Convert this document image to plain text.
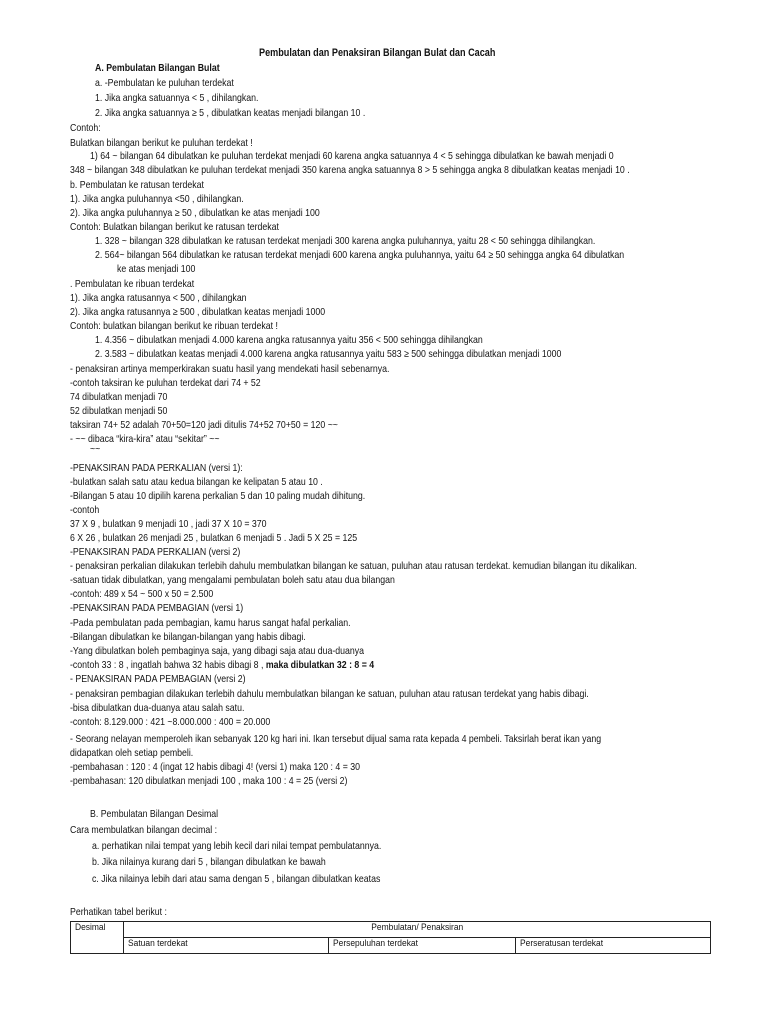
Pembulatan dan Penaksiran Bilangan Bulat dan Cacah
A. Pembulatan Bilangan Bulat
a. -Pembulatan ke puluhan terdekat
1. Jika angka satuannya < 5 , dihilangkan.
2. Jika angka satuannya ≥ 5 , dibulatkan keatas menjadi bilangan 10 .
Contoh:
Bulatkan bilangan berikut ke puluhan terdekat !
1) 64 ~ bilangan 64 dibulatkan ke puluhan terdekat menjadi 60 karena angka satuannya 4 < 5 sehingga dibulatkan ke bawah menjadi 0
348 ~ bilangan 348 dibulatkan ke puluhan terdekat menjadi 350 karena angka satuannya 8 > 5 sehingga angka 8 dibulatkan keatas menjadi 10 .
b. Pembulatan ke ratusan terdekat
1). Jika angka puluhannya <50 , dihilangkan.
2). Jika angka puluhannya ≥ 50 , dibulatkan ke atas menjadi 100
Contoh: Bulatkan bilangan berikut ke ratusan terdekat
1. 328 ~ bilangan 328 dibulatkan ke ratusan terdekat menjadi 300 karena angka puluhannya, yaitu 28 < 50 sehingga dihilangkan.
2. 564~ bilangan 564 dibulatkan ke ratusan terdekat menjadi 600 karena angka puluhannya, yaitu 64 ≥ 50 sehingga angka 64 dibulatkan
ke atas menjadi 100
. Pembulatan ke ribuan terdekat
1). Jika angka ratusannya < 500 , dihilangkan
2). Jika angka ratusannya ≥ 500 , dibulatkan keatas menjadi 1000
Contoh: bulatkan bilangan berikut ke ribuan terdekat !
1. 4.356 ~ dibulatkan menjadi 4.000 karena angka ratusannya yaitu 356 < 500 sehingga dihilangkan
2. 3.583 ~ dibulatkan keatas menjadi 4.000 karena angka ratusannya yaitu 583 ≥ 500 sehingga dibulatkan menjadi 1000
- penaksiran artinya memperkirakan suatu hasil yang mendekati hasil sebenarnya.
-contoh taksiran ke puluhan terdekat dari 74 + 52
74 dibulatkan menjadi 70
52 dibulatkan menjadi 50
taksiran 74+ 52 adalah 70+50=120 jadi ditulis 74+52 70+50 = 120 ~~
- ~~ dibaca “kira-kira” atau “sekitar” ~~
~~
-PENAKSIRAN PADA PERKALIAN (versi 1):
-bulatkan salah satu atau kedua bilangan ke kelipatan 5 atau 10 .
-Bilangan 5 atau 10 dipilih karena perkalian 5 dan 10 paling mudah dihitung.
-contoh
37 X 9 , bulatkan 9 menjadi 10 , jadi 37 X 10 = 370
6 X 26 , bulatkan 26 menjadi 25 , bulatkan 6 menjadi 5 . Jadi 5 X 25 = 125
-PENAKSIRAN PADA PERKALIAN (versi 2)
- penaksiran perkalian dilakukan terlebih dahulu membulatkan bilangan ke satuan, puluhan atau ratusan terdekat. kemudian bilangan itu dikalikan.
-satuan tidak dibulatkan, yang mengalami pembulatan boleh satu atau dua bilangan
-contoh: 489 x 54 ~ 500 x 50 = 2.500
-PENAKSIRAN PADA PEMBAGIAN (versi 1)
-Pada pembulatan pada pembagian, kamu harus sangat hafal perkalian.
-Bilangan dibulatkan ke bilangan-bilangan yang habis dibagi.
-Yang dibulatkan boleh pembaginya saja, yang dibagi saja atau dua-duanya
-contoh 33 : 8 , ingatlah bahwa 32 habis dibagi 8 , maka dibulatkan 32 : 8 = 4
- PENAKSIRAN PADA PEMBAGIAN (versi 2)
- penaksiran pembagian dilakukan terlebih dahulu membulatkan bilangan ke satuan, puluhan atau ratusan terdekat yang habis dibagi.
-bisa dibulatkan dua-duanya atau salah satu.
-contoh: 8.129.000 : 421 ~8.000.000 : 400 = 20.000
- Seorang nelayan memperoleh ikan sebanyak 120 kg hari ini. Ikan tersebut dijual sama rata kepada 4 pembeli. Taksirlah berat ikan yang
didapatkan oleh setiap pembeli.
-pembahasan : 120 : 4 (ingat 12 habis dibagi 4! (versi 1) maka 120 : 4 = 30
-pembahasan: 120 dibulatkan menjadi 100 , maka 100 : 4 = 25 (versi 2)
B. Pembulatan Bilangan Desimal
Cara membulatkan bilangan decimal :
a. perhatikan nilai tempat yang lebih kecil dari nilai tempat pembulatannya.
b. Jika nilainya kurang dari 5 , bilangan dibulatkan ke bawah
c. Jika nilainya lebih dari atau sama dengan 5 , bilangan dibulatkan keatas
Perhatikan tabel berikut :
Desimal	Pembulatan/ Penaksiran		
	Satuan terdekat	Persepuluhan terdekat	Perseratusan terdekat
